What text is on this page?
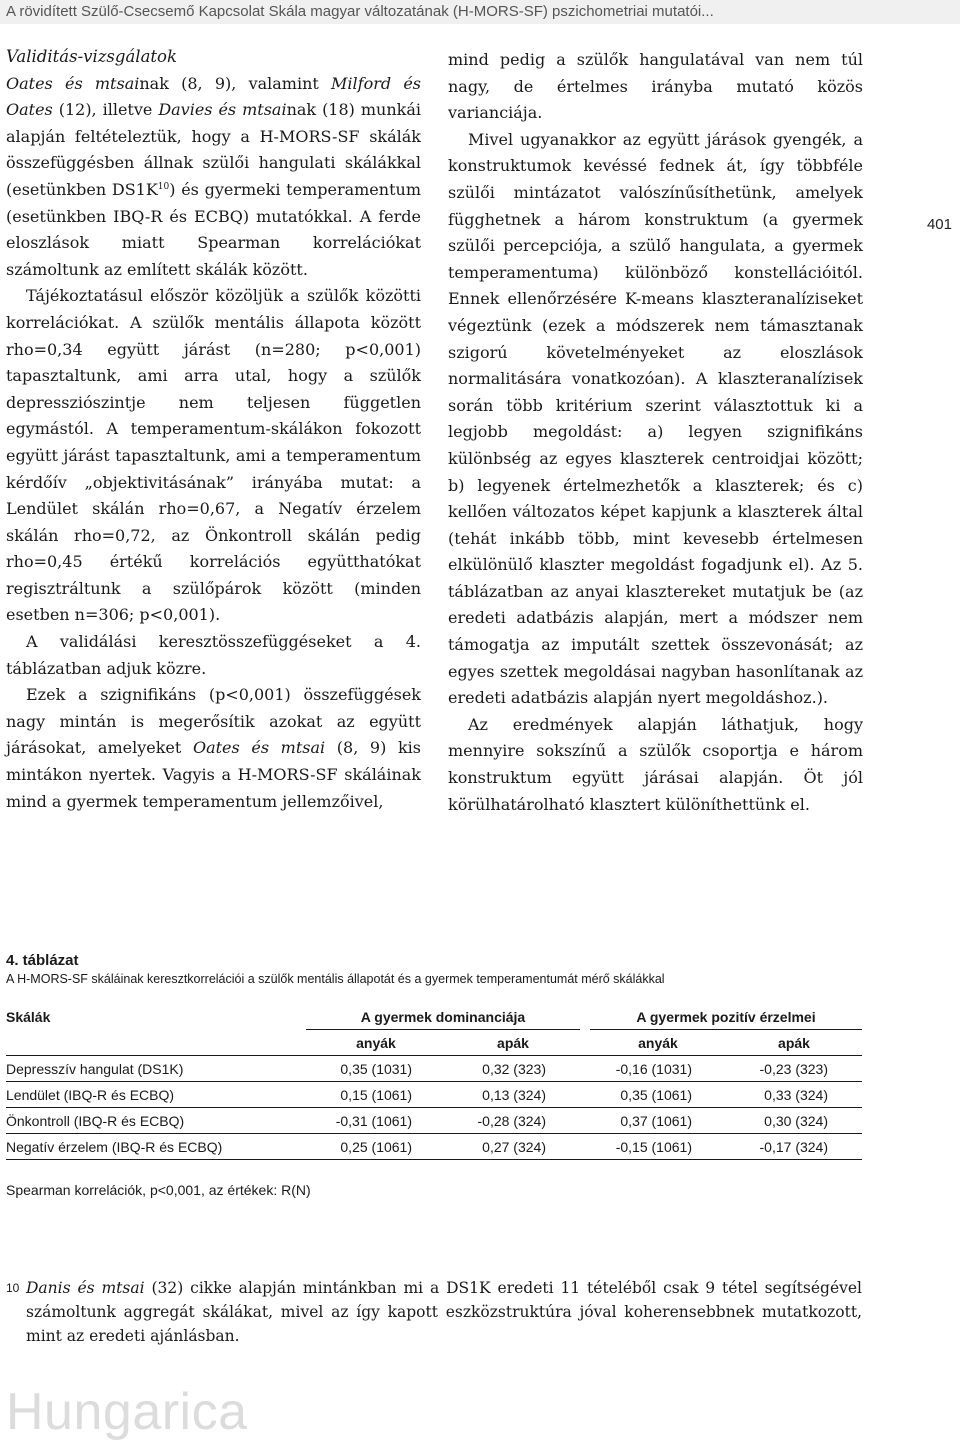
A rövidített Szülő-Csecsemő Kapcsolat Skála magyar változatának (H-MORS-SF) pszichometriai mutatói...
401

Validitás-vizsgálatok

Oates és mtsainak (8, 9), valamint Milford és Oates (12), illetve Davies és mtsainak (18) munkái alapján feltételeztük, hogy a H-MORS-SF skálák összefüggésben állnak szülői hangulati skálákkal (esetünkben $DS1K^{10}$) és gyermeki temperamentum (esetünkben IBQ-R és ECBQ) mutatókkal. A ferde eloszlások miatt Spearman korrelációkat számoltunk az említett skálák között.

Tájékoztatásul először közöljük a szülők közötti korrelációkat. A szülők mentális állapota között rho=0,34 együtt járást (n=280; p<0,001) tapasztaltunk, ami arra utal, hogy a szülők depressziószintje nem teljesen független egymástól. A temperamentum-skálákon fokozott együtt járást tapasztaltunk, ami a temperamentum kérdőív „objektivitásának” irányába mutat: a Lendület skálán rho=0,67, a Negatív érzelem skálán rho=0,72, az Önkontroll skálán pedig rho=0,45 értékű korrelációs együtthatókat regisztráltunk a szülőpárok között (minden esetben n=306; p<0,001).

A validálási keresztösszefüggéseket a 4. táblázatban adjuk közre.

Ezek a szignifikáns (p<0,001) összefüggések nagy mintán is megerősítik azokat az együtt járásokat, amelyeket Oates és mtsai (8, 9) kis mintákon nyertek. Vagyis a H-MORS-SF skáláinak mind a gyermek temperamentum jellemzőivel,

mind pedig a szülők hangulatával van nem túl nagy, de értelmes irányba mutató közös varianciája.

Mivel ugyanakkor az együtt járások gyengék, a konstruktumok kevéssé fednek át, így többféle szülői mintázatot valószínűsíthetünk, amelyek függhetnek a három konstruktum (a gyermek szülői percepciója, a szülő hangulata, a gyermek temperamentuma) különböző konstellációitól. Ennek ellenőrzésére K-means klaszteranalíziseket végeztünk (ezek a módszerek nem támasztanak szigorú követelményeket az eloszlások normalitására vonatkozóan). A klaszteranalízisek során több kritérium szerint választottuk ki a legjobb megoldást: a) legyen szignifikáns különbség az egyes klaszterek centroidjai között; b) legyenek értelmezhetők a klaszterek; és c) kellően változatos képet kapjunk a klaszterek által (tehát inkább több, mint kevesebb értelmesen elkülönülő klaszter megoldást fogadjunk el). Az 5. táblázatban az anyai klasztereket mutatjuk be (az eredeti adatbázis alapján, mert a módszer nem támogatja az imputált szettek összevonását; az egyes szettek megoldásai nagyban hasonlítanak az eredeti adatbázis alapján nyert megoldáshoz.).

Az eredmények alapján láthatjuk, hogy mennyire sokszínű a szülők csoportja e három konstruktum együtt járásai alapján. Öt jól körülhatárolható klasztert különíthettünk el.

4. táblázat
A H-MORS-SF skáláinak keresztkorrelációi a szülők mentális állapotát és a gyermek temperamentumát mérő skálákkal
Skálák	A gyermek dominanciája			A gyermek pozitív érzelmei	
	anyák	apák		anyák	apák
Depresszív hangulat (DS1K)	0,35 (1031)	0,32 (323)		-0,16 (1031)	-0,23 (323)
Lendület (IBQ-R és ECBQ)	0,15 (1061)	0,13 (324)		0,35 (1061)	0,33 (324)
Önkontroll (IBQ-R és ECBQ)	-0,31 (1061)	-0,28 (324)		0,37 (1061)	0,30 (324)
Negatív érzelem (IBQ-R és ECBQ)	0,25 (1061)	0,27 (324)		-0,15 (1061)	-0,17 (324)
Spearman korrelációk, p<0,001, az értékek: R(N)
10 Danis és mtsai (32) cikke alapján mintánkban mi a DS1K eredeti 11 tételéből csak 9 tétel segítségével számoltunk aggregát skálákat, mivel az így kapott eszközstruktúra jóval koherensebbnek mutatkozott, mint az eredeti ajánlásban.
Hungarica
